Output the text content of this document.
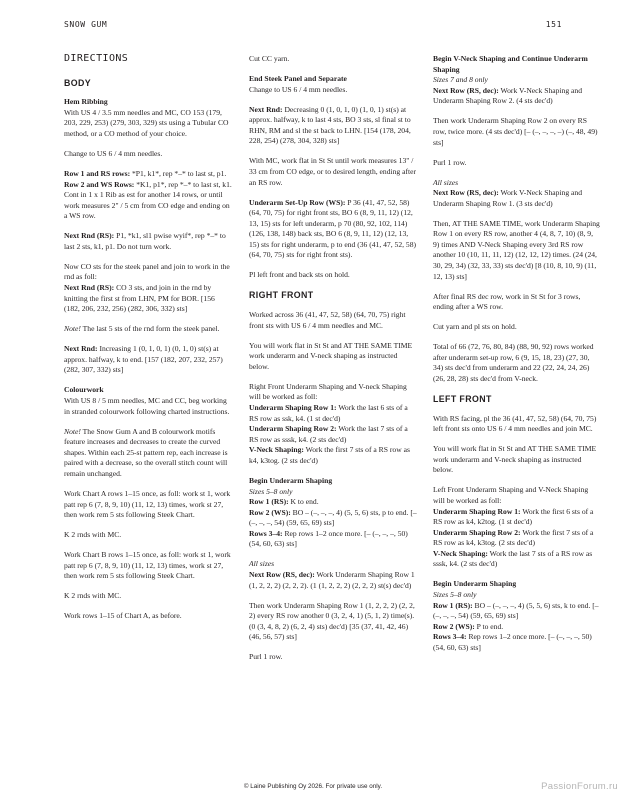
SNOW GUM	151
DIRECTIONS
BODY

Hem Ribbing

With US 4 / 3.5 mm needles and MC, CO 153 (179, 203, 229, 253) (279, 303, 329) sts using a Tubular CO method, or a CO method of your choice.

Change to US 6 / 4 mm needles.

Row 1 and RS rows: *P1, k1*, rep *–* to last st, p1.

Row 2 and WS Rows: *K1, p1*, rep *–* to last st, k1.

Cont in 1 x 1 Rib as est for another 14 rows, or until work measures 2" / 5 cm from CO edge and ending on a WS row.

Next Rnd (RS): P1, *k1, sl1 pwise wyif*, rep *–* to last 2 sts, k1, p1. Do not turn work.

Now CO sts for the steek panel and join to work in the rnd as foll:

Next Rnd (RS): CO 3 sts, and join in the rnd by knitting the first st from LHN, PM for BOR. [156 (182, 206, 232, 256) (282, 306, 332) sts]

Note! The last 5 sts of the rnd form the steek panel.

Next Rnd: Increasing 1 (0, 1, 0, 1) (0, 1, 0) st(s) at approx. halfway, k to end. [157 (182, 207, 232, 257) (282, 307, 332) sts]

Colourwork

With US 8 / 5 mm needles, MC and CC, beg working in stranded colourwork following charted instructions.

Note! The Snow Gum A and B colourwork motifs feature increases and decreases to create the curved shapes. Within each 25-st pattern rep, each increase is paired with a decrease, so the overall stitch count will remain unchanged.

Work Chart A rows 1–15 once, as foll: work st 1, work patt rep 6 (7, 8, 9, 10) (11, 12, 13) times, work st 27, then work rem 5 sts following Steek Chart.

K 2 rnds with MC.

Work Chart B rows 1–15 once, as foll: work st 1, work patt rep 6 (7, 8, 9, 10) (11, 12, 13) times, work st 27, then work rem 5 sts following Steek Chart.

K 2 rnds with MC.

Work rows 1–15 of Chart A, as before.

Cut CC yarn.

End Steek Panel and Separate

Change to US 6 / 4 mm needles.

Next Rnd: Decreasing 0 (1, 0, 1, 0) (1, 0, 1) st(s) at approx. halfway, k to last 4 sts, BO 3 sts, sl final st to RHN, RM and sl the st back to LHN. [154 (178, 204, 228, 254) (278, 304, 328) sts]

With MC, work flat in St St until work measures 13" / 33 cm from CO edge, or to desired length, ending after an RS row.

Underarm Set-Up Row (WS): P 36 (41, 47, 52, 58) (64, 70, 75) for right front sts, BO 6 (8, 9, 11, 12) (12, 13, 15) sts for left underarm, p 70 (80, 92, 102, 114) (126, 138, 148) back sts, BO 6 (8, 9, 11, 12) (12, 13, 15) sts for right underarm, p to end (36 (41, 47, 52, 58) (64, 70, 75) sts for right front sts).

Pl left front and back sts on hold.

RIGHT FRONT

Worked across 36 (41, 47, 52, 58) (64, 70, 75) right front sts with US 6 / 4 mm needles and MC.

You will work flat in St St and AT THE SAME TIME work underarm and V-neck shaping as instructed below.

Right Front Underarm Shaping and V-neck Shaping will be worked as foll:

Underarm Shaping Row 1: Work the last 6 sts of a RS row as ssk, k4. (1 st dec'd)

Underarm Shaping Row 2: Work the last 7 sts of a RS row as sssk, k4. (2 sts dec'd)

V-Neck Shaping: Work the first 7 sts of a RS row as k4, k3tog. (2 sts dec'd)

Begin Underarm Shaping

Sizes 5–8 only

Row 1 (RS): K to end.

Row 2 (WS): BO – (–, –, –, 4) (5, 5, 6) sts, p to end. [– (–, –, –, 54) (59, 65, 69) sts]

Rows 3–4: Rep rows 1–2 once more. [– (–, –, –, 50) (54, 60, 63) sts]

All sizes

Next Row (RS, dec): Work Underarm Shaping Row 1 (1, 2, 2, 2) (2, 2, 2). (1 (1, 2, 2, 2) (2, 2, 2) st(s) dec'd)

Then work Underarm Shaping Row 1 (1, 2, 2, 2) (2, 2, 2) every RS row another 0 (3, 2, 4, 1) (5, 1, 2) time(s). (0 (3, 4, 8, 2) (6, 2, 4) sts) dec'd) [35 (37, 41, 42, 46) (46, 56, 57) sts]

Purl 1 row.

Begin V-Neck Shaping and Continue Underarm Shaping

Sizes 7 and 8 only

Next Row (RS, dec): Work V-Neck Shaping and Underarm Shaping Row 2. (4 sts dec'd)

Then work Underarm Shaping Row 2 on every RS row, twice more. (4 sts dec'd) [– (–, –, –, –) (–, 48, 49) sts]

Purl 1 row.

All sizes

Next Row (RS, dec): Work V-Neck Shaping and Underarm Shaping Row 1. (3 sts dec'd)

Then, AT THE SAME TIME, work Underarm Shaping Row 1 on every RS row, another 4 (4, 8, 7, 10) (8, 9, 9) times AND V-Neck Shaping every 3rd RS row another 10 (10, 11, 11, 12) (12, 12, 12) times. (24 (24, 30, 29, 34) (32, 33, 33) sts dec'd) [8 (10, 8, 10, 9) (11, 12, 13) sts]

After final RS dec row, work in St St for 3 rows, ending after a WS row.

Cut yarn and pl sts on hold.

Total of 66 (72, 76, 80, 84) (88, 90, 92) rows worked after underarm set-up row, 6 (9, 15, 18, 23) (27, 30, 34) sts dec'd from underarm and 22 (22, 24, 24, 26) (26, 28, 28) sts dec'd from V-neck.

LEFT FRONT

With RS facing, pl the 36 (41, 47, 52, 58) (64, 70, 75) left front sts onto US 6 / 4 mm needles and join MC.

You will work flat in St St and AT THE SAME TIME work underarm and V-neck shaping as instructed below.

Left Front Underarm Shaping and V-Neck Shaping will be worked as foll:

Underarm Shaping Row 1: Work the first 6 sts of a RS row as k4, k2tog. (1 st dec'd)

Underarm Shaping Row 2: Work the first 7 sts of a RS row as k4, k3tog. (2 sts dec'd)

V-Neck Shaping: Work the last 7 sts of a RS row as sssk, k4. (2 sts dec'd)

Begin Underarm Shaping

Sizes 5–8 only

Row 1 (RS): BO – (–, –, –, 4) (5, 5, 6) sts, k to end. [– (–, –, –, 54) (59, 65, 69) sts]

Row 2 (WS): P to end.

Rows 3–4: Rep rows 1–2 once more. [– (–, –, –, 50) (54, 60, 63) sts]

© Laine Publishing Oy 2026. For private use only.	PassionForum.ru
